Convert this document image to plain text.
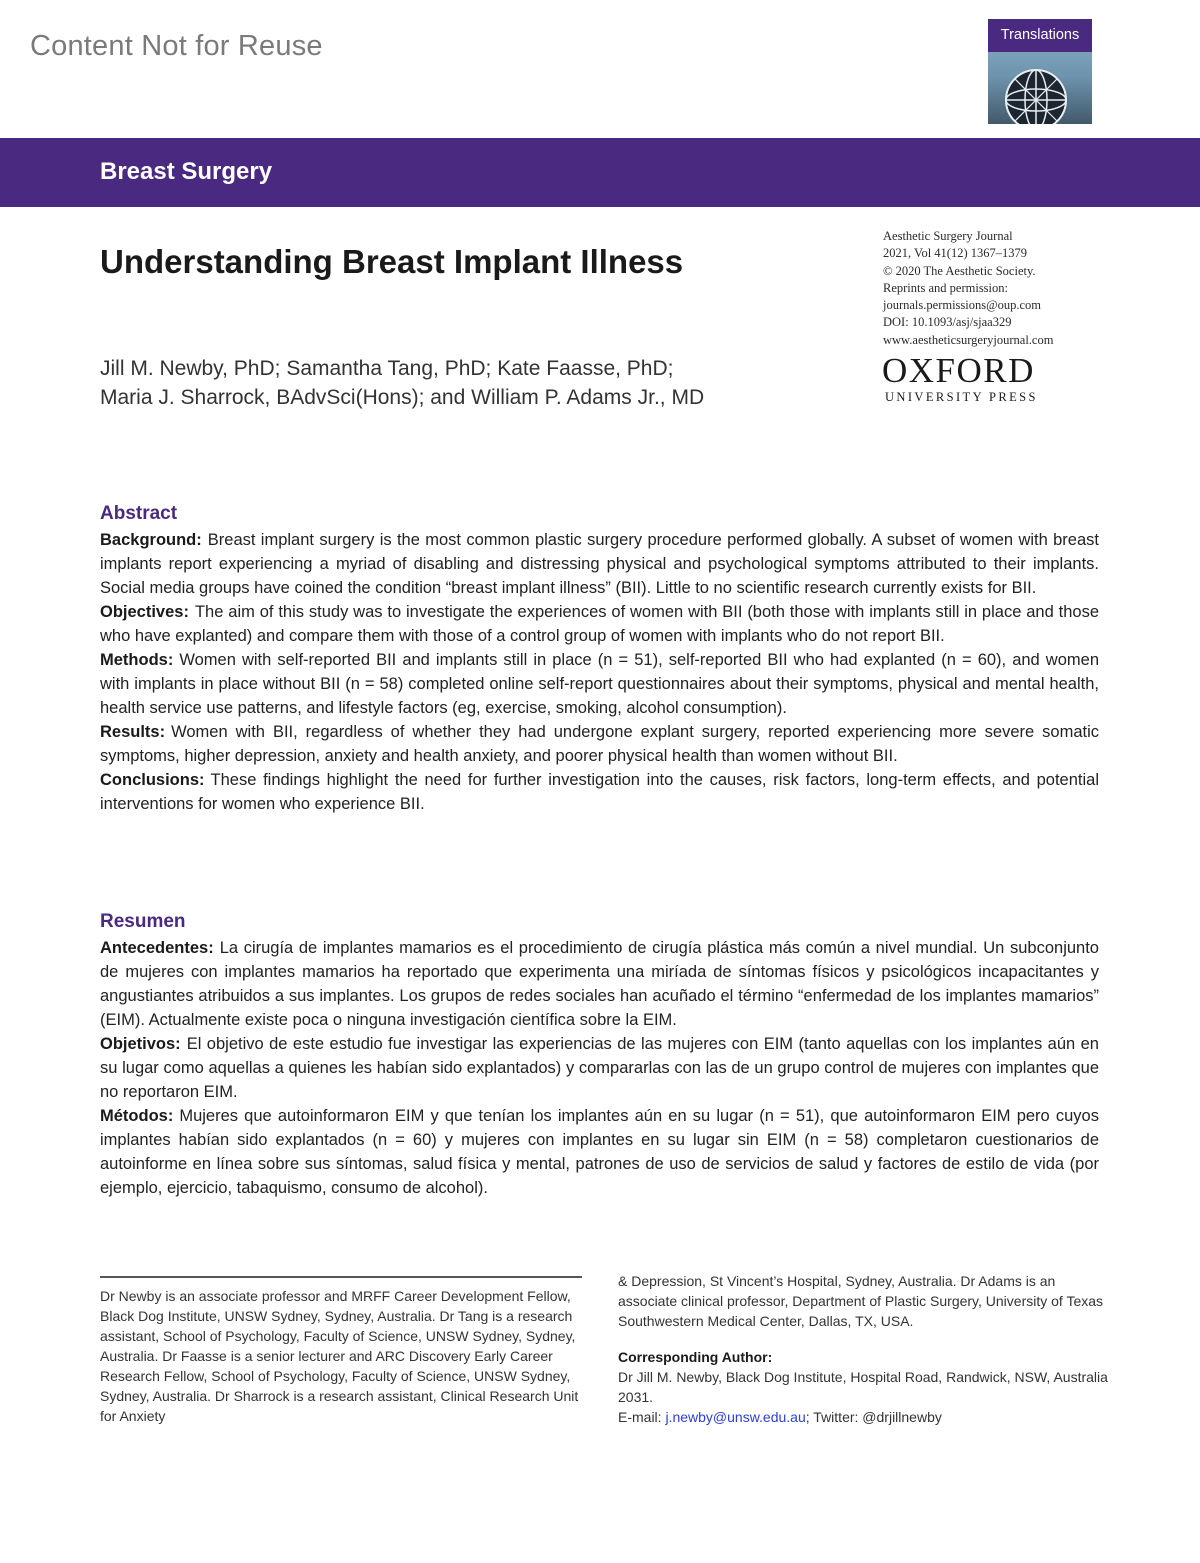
Content Not for Reuse	Translations
Breast Surgery
Understanding Breast Implant Illness
Jill M. Newby, PhD; Samantha Tang, PhD; Kate Faasse, PhD;
Maria J. Sharrock, BAdvSci(Hons); and William P. Adams Jr., MD
Aesthetic Surgery Journal
2021, Vol 41(12) 1367–1379
© 2020 The Aesthetic Society.
Reprints and permission:
journals.permissions@oup.com
DOI: 10.1093/asj/sjaa329
www.aestheticsurgeryjournal.com
OXFORD
UNIVERSITY PRESS
Abstract

Background: Breast implant surgery is the most common plastic surgery procedure performed globally. A subset of women with breast implants report experiencing a myriad of disabling and distressing physical and psychological symptoms attributed to their implants. Social media groups have coined the condition “breast implant illness” (BII). Little to no scientific research currently exists for BII.

Objectives: The aim of this study was to investigate the experiences of women with BII (both those with implants still in place and those who have explanted) and compare them with those of a control group of women with implants who do not report BII.

Methods: Women with self-reported BII and implants still in place (n = 51), self-reported BII who had explanted (n = 60), and women with implants in place without BII (n = 58) completed online self-report questionnaires about their symptoms, physical and mental health, health service use patterns, and lifestyle factors (eg, exercise, smoking, alcohol consumption).

Results: Women with BII, regardless of whether they had undergone explant surgery, reported experiencing more severe somatic symptoms, higher depression, anxiety and health anxiety, and poorer physical health than women without BII.

Conclusions: These findings highlight the need for further investigation into the causes, risk factors, long-term effects, and potential interventions for women who experience BII.

Resumen

Antecedentes: La cirugía de implantes mamarios es el procedimiento de cirugía plástica más común a nivel mundial. Un subconjunto de mujeres con implantes mamarios ha reportado que experimenta una miríada de síntomas físicos y psicológicos incapacitantes y angustiantes atribuidos a sus implantes. Los grupos de redes sociales han acuñado el término “enfermedad de los implantes mamarios” (EIM). Actualmente existe poca o ninguna investigación científica sobre la EIM.

Objetivos: El objetivo de este estudio fue investigar las experiencias de las mujeres con EIM (tanto aquellas con los implantes aún en su lugar como aquellas a quienes les habían sido explantados) y compararlas con las de un grupo control de mujeres con implantes que no reportaron EIM.

Métodos: Mujeres que autoinformaron EIM y que tenían los implantes aún en su lugar (n = 51), que autoinformaron EIM pero cuyos implantes habían sido explantados (n = 60) y mujeres con implantes en su lugar sin EIM (n = 58) completaron cuestionarios de autoinforme en línea sobre sus síntomas, salud física y mental, patrones de uso de servicios de salud y factores de estilo de vida (por ejemplo, ejercicio, tabaquismo, consumo de alcohol).

Dr Newby is an associate professor and MRFF Career Development Fellow, Black Dog Institute, UNSW Sydney, Sydney, Australia. Dr Tang is a research assistant, School of Psychology, Faculty of Science, UNSW Sydney, Sydney, Australia. Dr Faasse is a senior lecturer and ARC Discovery Early Career Research Fellow, School of Psychology, Faculty of Science, UNSW Sydney, Sydney, Australia. Dr Sharrock is a research assistant, Clinical Research Unit for Anxiety

& Depression, St Vincent’s Hospital, Sydney, Australia. Dr Adams is an associate clinical professor, Department of Plastic Surgery, University of Texas Southwestern Medical Center, Dallas, TX, USA.

Corresponding Author:

Dr Jill M. Newby, Black Dog Institute, Hospital Road, Randwick, NSW, Australia 2031.

E-mail: j.newby@unsw.edu.au; Twitter: @drjillnewby
